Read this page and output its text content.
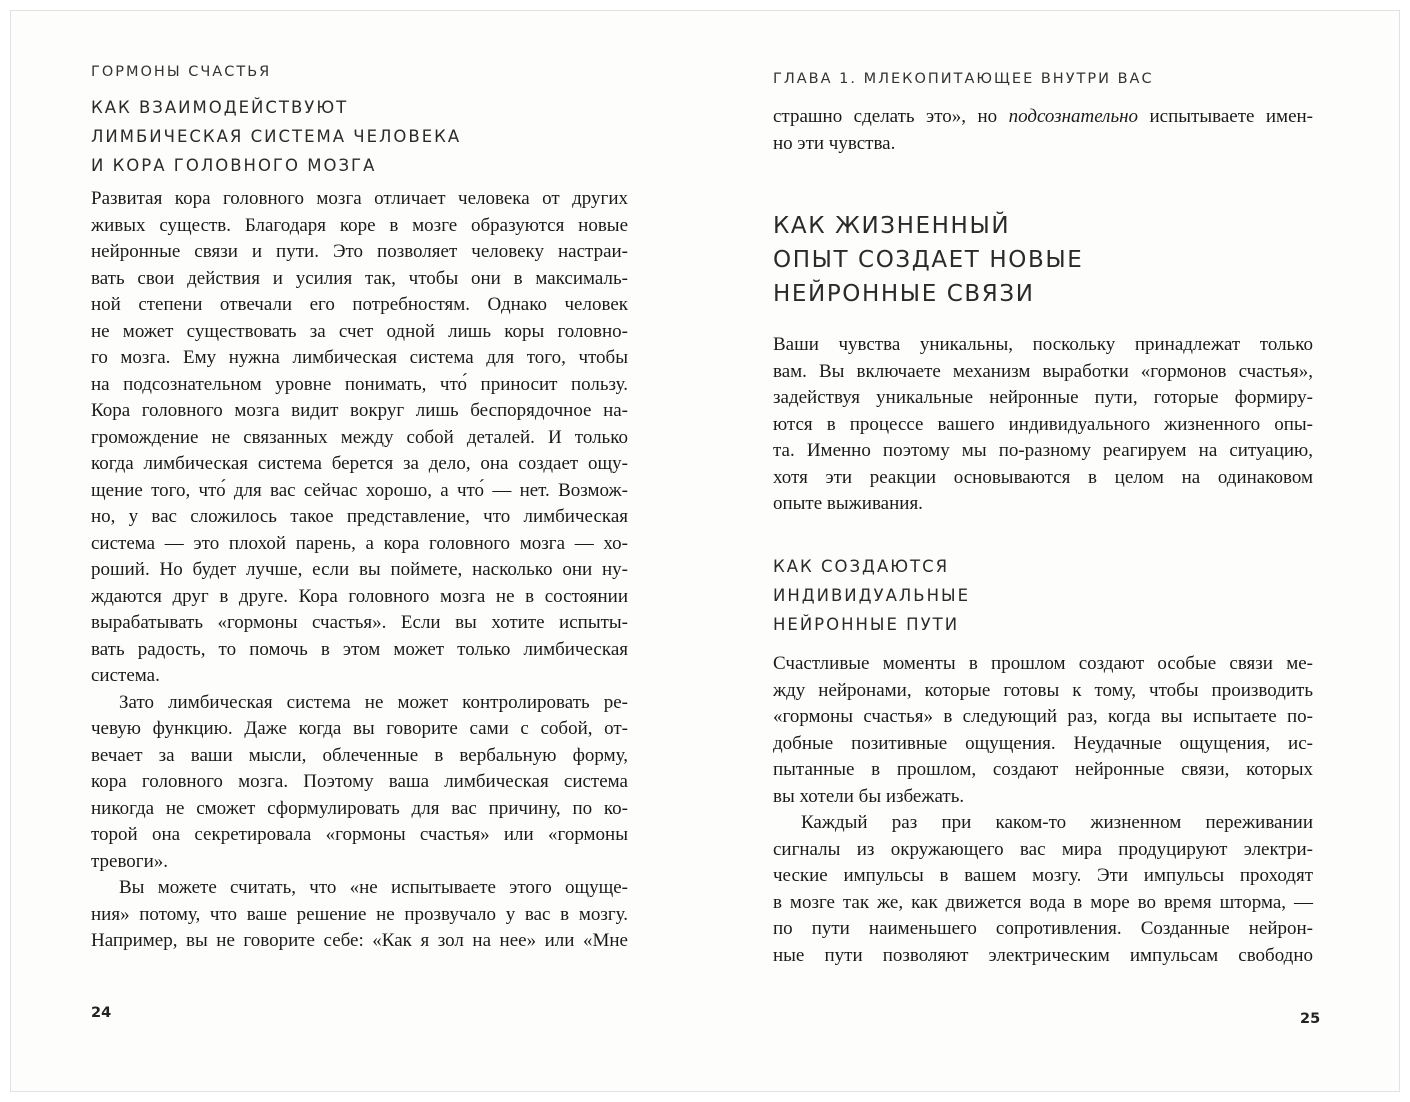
ГОРМОНЫ СЧАСТЬЯ
КАК ВЗАИМОДЕЙСТВУЮТ
ЛИМБИЧЕСКАЯ СИСТЕМА ЧЕЛОВЕКА
И КОРА ГОЛОВНОГО МОЗГА
Развитая кора головного мозга отличает человека от других
живых существ. Благодаря коре в мозге образуются новые
нейронные связи и пути. Это позволяет человеку настраи-
вать свои действия и усилия так, чтобы они в максималь-
ной степени отвечали его потребностям. Однако человек
не может существовать за счет одной лишь коры головно-
го мозга. Ему нужна лимбическая система для того, чтобы
на подсознательном уровне понимать, что́ приносит пользу.
Кора головного мозга видит вокруг лишь беспорядочное на-
громождение не связанных между собой деталей. И только
когда лимбическая система берется за дело, она создает ощу-
щение того, что́ для вас сейчас хорошо, а что́ — нет. Возмож-
но, у вас сложилось такое представление, что лимбическая
система — это плохой парень, а кора головного мозга — хо-
роший. Но будет лучше, если вы поймете, насколько они ну-
ждаются друг в друге. Кора головного мозга не в состоянии
вырабатывать «гормоны счастья». Если вы хотите испыты-
вать радость, то помочь в этом может только лимбическая
система.
Зато лимбическая система не может контролировать ре-
чевую функцию. Даже когда вы говорите сами с собой, от-
вечает за ваши мысли, облеченные в вербальную форму,
кора головного мозга. Поэтому ваша лимбическая система
никогда не сможет сформулировать для вас причину, по ко-
торой она секретировала «гормоны счастья» или «гормоны
тревоги».
Вы можете считать, что «не испытываете этого ощуще-
ния» потому, что ваше решение не прозвучало у вас в мозгу.
Например, вы не говорите себе: «Как я зол на нее» или «Мне
24
ГЛАВА 1. МЛЕКОПИТАЮЩЕЕ ВНУТРИ ВАС
страшно сделать это», но подсознательно испытываете имен-
но эти чувства.
КАК ЖИЗНЕННЫЙ
ОПЫТ СОЗДАЕТ НОВЫЕ
НЕЙРОННЫЕ СВЯЗИ
Ваши чувства уникальны, поскольку принадлежат только
вам. Вы включаете механизм выработки «гормонов счастья»,
задействуя уникальные нейронные пути, готорые формиру-
ются в процессе вашего индивидуального жизненного опы-
та. Именно поэтому мы по-разному реагируем на ситуацию,
хотя эти реакции основываются в целом на одинаковом
опыте выживания.
КАК СОЗДАЮТСЯ
ИНДИВИДУАЛЬНЫЕ
НЕЙРОННЫЕ ПУТИ
Счастливые моменты в прошлом создают особые связи ме-
жду нейронами, которые готовы к тому, чтобы производить
«гормоны счастья» в следующий раз, когда вы испытаете по-
добные позитивные ощущения. Неудачные ощущения, ис-
пытанные в прошлом, создают нейронные связи, которых
вы хотели бы избежать.
Каждый раз при каком-то жизненном переживании
сигналы из окружающего вас мира продуцируют электри-
ческие импульсы в вашем мозгу. Эти импульсы проходят
в мозге так же, как движется вода в море во время шторма, —
по пути наименьшего сопротивления. Созданные нейрон-
ные пути позволяют электрическим импульсам свободно
25
